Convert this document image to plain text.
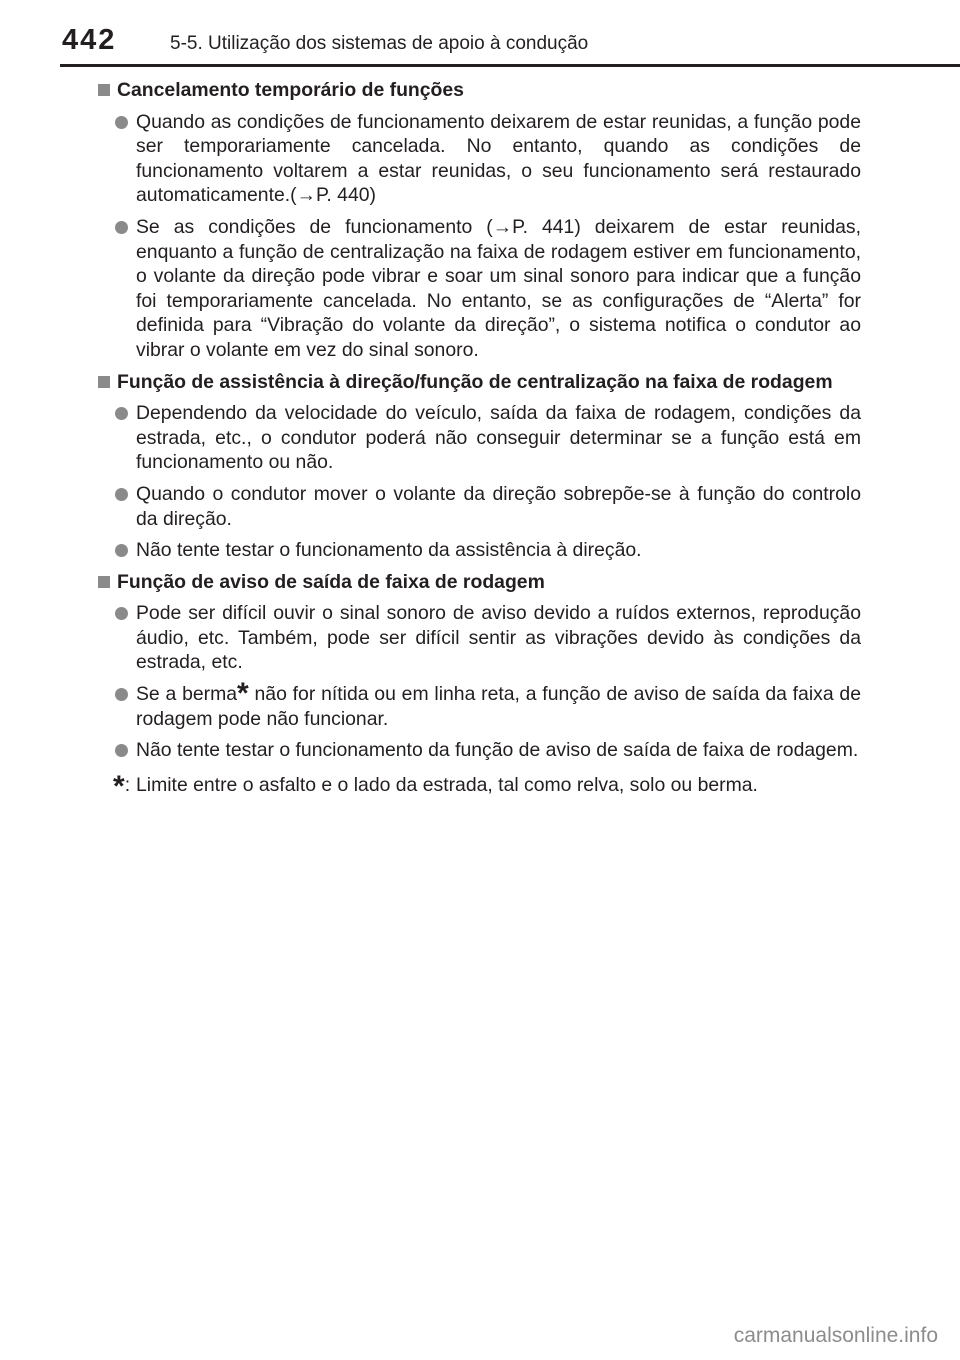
442	5-5. Utilização dos sistemas de apoio à condução
Cancelamento temporário de funções
Quando as condições de funcionamento deixarem de estar reunidas, a função pode ser temporariamente cancelada. No entanto, quando as condições de funcionamento voltarem a estar reunidas, o seu funcionamento será restaurado automaticamente.(→P. 440)
Se as condições de funcionamento (→P. 441) deixarem de estar reunidas, enquanto a função de centralização na faixa de rodagem estiver em funcionamento, o volante da direção pode vibrar e soar um sinal sonoro para indicar que a função foi temporariamente cancelada. No entanto, se as configurações de “Alerta” for definida para “Vibração do volante da direção”, o sistema notifica o condutor ao vibrar o volante em vez do sinal sonoro.
Função de assistência à direção/função de centralização na faixa de rodagem
Dependendo da velocidade do veículo, saída da faixa de rodagem, condições da estrada, etc., o condutor poderá não conseguir determinar se a função está em funcionamento ou não.
Quando o condutor mover o volante da direção sobrepõe-se à função do controlo da direção.
Não tente testar o funcionamento da assistência à direção.
Função de aviso de saída de faixa de rodagem
Pode ser difícil ouvir o sinal sonoro de aviso devido a ruídos externos, reprodução áudio, etc. Também, pode ser difícil sentir as vibrações devido às condições da estrada, etc.
Se a berma* não for nítida ou em linha reta, a função de aviso de saída da faixa de rodagem pode não funcionar.
Não tente testar o funcionamento da função de aviso de saída de faixa de rodagem.
*: Limite entre o asfalto e o lado da estrada, tal como relva, solo ou berma.
carmanualsonline.info
